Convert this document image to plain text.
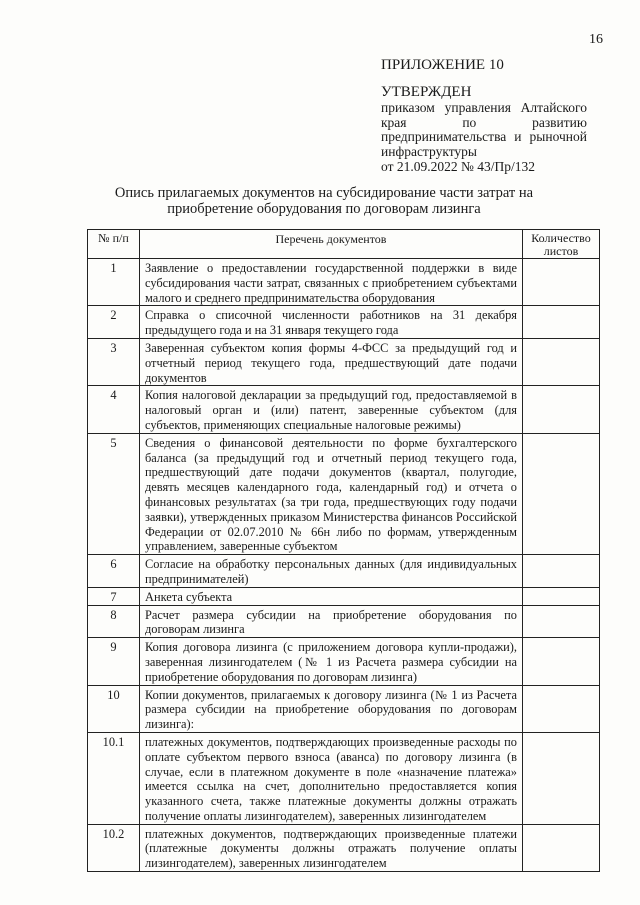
16
ПРИЛОЖЕНИЕ 10
УТВЕРЖДЕН
приказом управления Алтайского края по развитию предпринимательства и рыночной инфраструктуры
от 21.09.2022 № 43/Пр/132
Опись прилагаемых документов на субсидирование части затрат на приобретение оборудования по договорам лизинга
№ п/п	Перечень документов	Количество листов
1	Заявление о предоставлении государственной поддержки в виде субсидирования части затрат, связанных с приобретением субъектами малого и среднего предпринимательства оборудования	
2	Справка о списочной численности работников на 31 декабря предыдущего года и на 31 января текущего года	
3	Заверенная субъектом копия формы 4-ФСС за предыдущий год и отчетный период текущего года, предшествующий дате подачи документов	
4	Копия налоговой декларации за предыдущий год, предоставляемой в налоговый орган и (или) патент, заверенные субъектом (для субъектов, применяющих специальные налоговые режимы)	
5	Сведения о финансовой деятельности по форме бухгалтерского баланса (за предыдущий год и отчетный период текущего года, предшествующий дате подачи документов (квартал, полугодие, девять месяцев календарного года, календарный год) и отчета о финансовых результатах (за три года, предшествующих году подачи заявки), утвержденных приказом Министерства финансов Российской Федерации от 02.07.2010 № 66н либо по формам, утвержденным управлением, заверенные субъектом	
6	Согласие на обработку персональных данных (для индивидуальных предпринимателей)	
7	Анкета субъекта	
8	Расчет размера субсидии на приобретение оборудования по договорам лизинга	
9	Копия договора лизинга (с приложением договора купли-продажи), заверенная лизингодателем (№ 1 из Расчета размера субсидии на приобретение оборудования по договорам лизинга)	
10	Копии документов, прилагаемых к договору лизинга (№ 1 из Расчета размера субсидии на приобретение оборудования по договорам лизинга):	
10.1	платежных документов, подтверждающих произведенные расходы по оплате субъектом первого взноса (аванса) по договору лизинга (в случае, если в платежном документе в поле «назначение платежа» имеется ссылка на счет, дополнительно предоставляется копия указанного счета, также платежные документы должны отражать получение оплаты лизингодателем), заверенных лизингодателем	
10.2	платежных документов, подтверждающих произведенные платежи (платежные документы должны отражать получение оплаты лизингодателем), заверенных лизингодателем	
